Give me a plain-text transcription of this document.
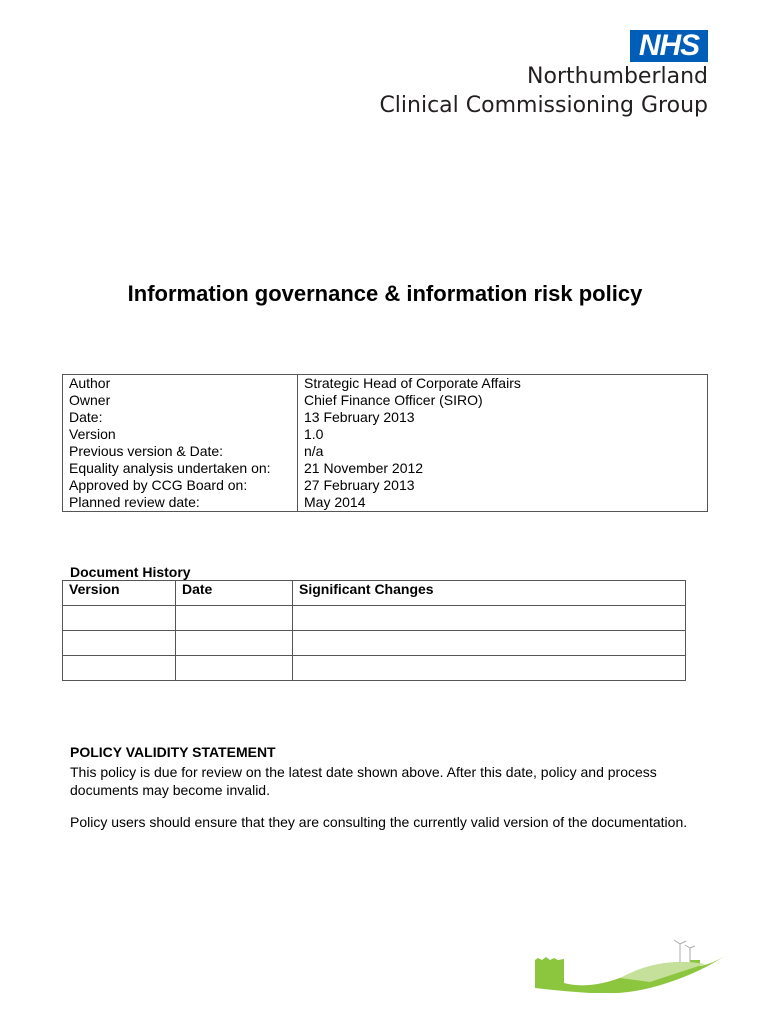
NHS
Northumberland
Clinical Commissioning Group
Information governance & information risk policy
Author	Strategic Head of Corporate Affairs
Owner	Chief Finance Officer (SIRO)
Date:	13 February 2013
Version	1.0
Previous version & Date:	n/a
Equality analysis undertaken on:	21 November 2012
Approved by CCG Board on:	27 February 2013
Planned review date:	May 2014
Document History
Version	Date	Significant Changes

POLICY VALIDITY STATEMENT
This policy is due for review on the latest date shown above. After this date, policy and process documents may become invalid.
Policy users should ensure that they are consulting the currently valid version of the documentation.
